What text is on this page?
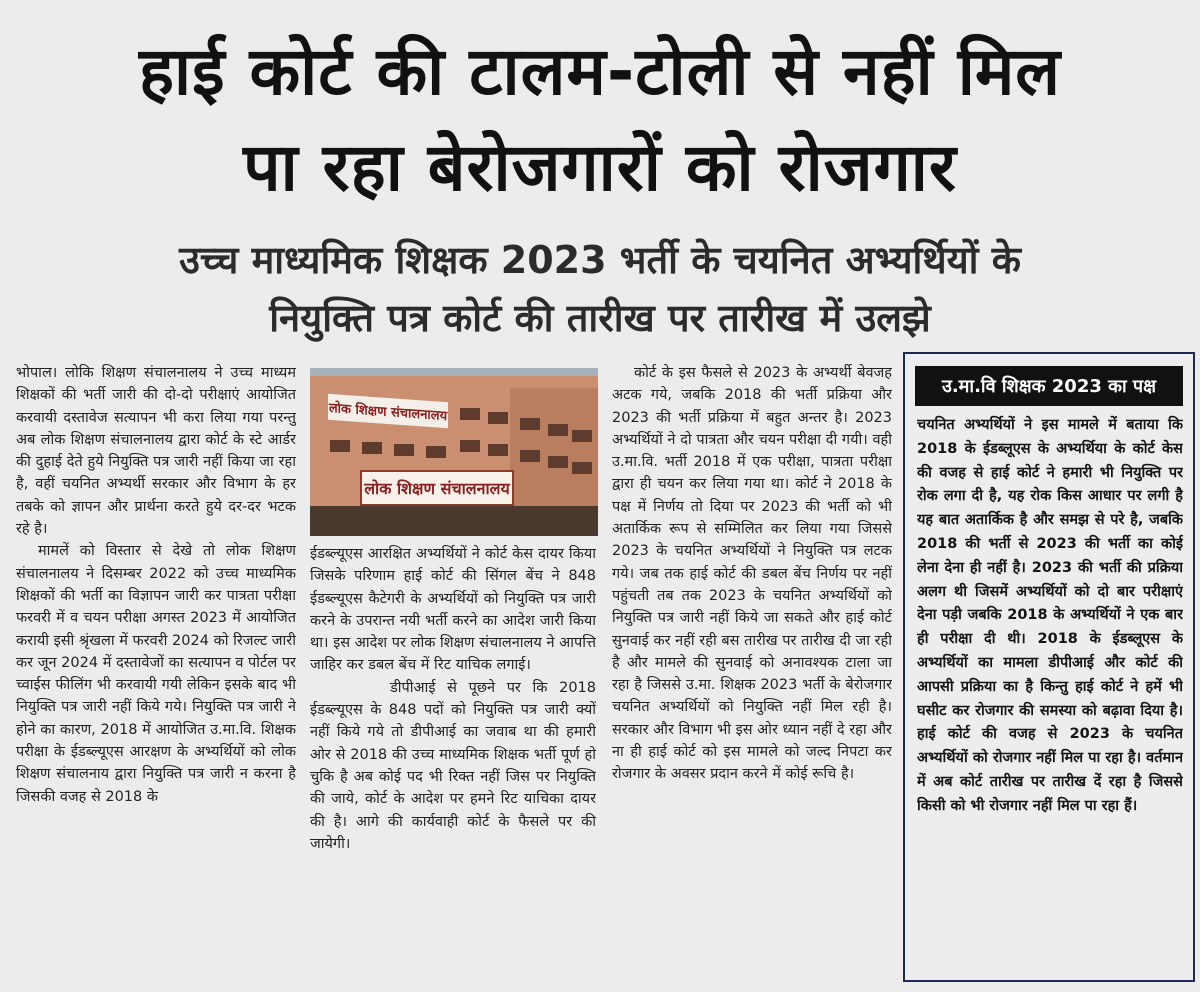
हाई कोर्ट की टालम-टोली से नहीं मिल
पा रहा बेरोजगारों को रोजगार
उच्च माध्यमिक शिक्षक 2023 भर्ती के चयनित अभ्यर्थियों के
नियुक्ति पत्र कोर्ट की तारीख पर तारीख में उलझे

भोपाल। लोकि शिक्षण संचालनालय ने उच्च माध्यम शिक्षकों की भर्ती जारी की दो-दो परीक्षाएं आयोजित करवायी दस्तावेज सत्यापन भी करा लिया गया परन्तु अब लोक शिक्षण संचालनालय द्वारा कोर्ट के स्टे आर्डर की दुहाई देते हुये नियुक्ति पत्र जारी नहीं किया जा रहा है, वहीं चयनित अभ्यर्थी सरकार और विभाग के हर तबके को ज्ञापन और प्रार्थना करते हुये दर-दर भटक रहे है।

मामलें को विस्तार से देखे तो लोक शिक्षण संचालनालय ने दिसम्बर 2022 को उच्च माध्यमिक शिक्षकों की भर्ती का विज्ञापन जारी कर पात्रता परीक्षा फरवरी में व चयन परीक्षा अगस्त 2023 में आयोजित करायी इसी श्रृंखला में फरवरी 2024 को रिजल्ट जारी कर जून 2024 में दस्तावेजों का सत्यापन व पोर्टल पर च्वाईस फीलिंग भी करवायी गयी लेकिन इसके बाद भी नियुक्ति पत्र जारी नहीं किये गये। नियुक्ति पत्र जारी ने होने का कारण, 2018 में आयोजित उ.मा.वि. शिक्षक परीक्षा के ईडब्ल्यूएस आरक्षण के अभ्यर्थियों को लोक शिक्षण संचालनाय द्वारा नियुक्ति पत्र जारी न करना है जिसकी वजह से 2018 के

लोक शिक्षण संचालनालय
लोक शिक्षण संचालनालय

ईडब्ल्यूएस आरक्षित अभ्यर्थियों ने कोर्ट केस दायर किया जिसके परिणाम हाई कोर्ट की सिंगल बेंच ने 848 ईडब्ल्यूएस कैटेगरी के अभ्यर्थियों को नियुक्ति पत्र जारी करने के उपरान्त नयी भर्ती करने का आदेश जारी किया था। इस आदेश पर लोक शिक्षण संचालनालय ने आपत्ति जाहिर कर डबल बेंच में रिट याचिक लगाई।

डीपीआई से पूछने पर कि 2018 ईडब्ल्यूएस के 848 पदों को नियुक्ति पत्र जारी क्यों नहीं किये गये तो डीपीआई का जवाब था की हमारी ओर से 2018 की उच्च माध्यमिक शिक्षक भर्ती पूर्ण हो चुकि है अब कोई पद भी रिक्त नहीं जिस पर नियुक्ति की जाये, कोर्ट के आदेश पर हमने रिट याचिका दायर की है। आगे की कार्यवाही कोर्ट के फैसले पर की जायेगी।

कोर्ट के इस फैसले से 2023 के अभ्यर्थी बेवजह अटक गये, जबकि 2018 की भर्ती प्रक्रिया और 2023 की भर्ती प्रक्रिया में बहुत अन्तर है। 2023 अभ्यर्थियों ने दो पात्रता और चयन परीक्षा दी गयी। वही उ.मा.वि. भर्ती 2018 में एक परीक्षा, पात्रता परीक्षा द्वारा ही चयन कर लिया गया था। कोर्ट ने 2018 के पक्ष में निर्णय तो दिया पर 2023 की भर्ती को भी अतार्किक रूप से सम्मिलित कर लिया गया जिससे 2023 के चयनित अभ्यर्थियों ने नियुक्ति पत्र लटक गये। जब तक हाई कोर्ट की डबल बेंच निर्णय पर नहीं पहुंचती तब तक 2023 के चयनित अभ्यर्थियों को नियुक्ति पत्र जारी नहीं किये जा सकते और हाई कोर्ट सुनवाई कर नहीं रही बस तारीख पर तारीख दी जा रही है और मामले की सुनवाई को अनावश्यक टाला जा रहा है जिससे उ.मा. शिक्षक 2023 भर्ती के बेरोजगार चयनित अभ्यर्थियों को नियुक्ति नहीं मिल रही है। सरकार और विभाग भी इस ओर ध्यान नहीं दे रहा और ना ही हाई कोर्ट को इस मामले को जल्द निपटा कर रोजगार के अवसर प्रदान करने में कोई रूचि है।

उ.मा.वि शिक्षक 2023 का पक्ष

चयनित अभ्यर्थियों ने इस मामले में बताया कि 2018 के ईडब्लूएस के अभ्यर्थिया के कोर्ट केस की वजह से हाई कोर्ट ने हमारी भी नियुक्ति पर रोक लगा दी है, यह रोक किस आधार पर लगी है यह बात अतार्किक है और समझ से परे है, जबकि 2018 की भर्ती से 2023 की भर्ती का कोई लेना देना ही नहीं है। 2023 की भर्ती की प्रक्रिया अलग थी जिसमें अभ्यर्थियों को दो बार परीक्षाएं देना पड़ी जबकि 2018 के अभ्यर्थियों ने एक बार ही परीक्षा दी थी। 2018 के ईडब्लूएस के अभ्यर्थियों का मामला डीपीआई और कोर्ट की आपसी प्रक्रिया का है किन्तु हाई कोर्ट ने हमें भी घसीट कर रोजगार की समस्या को बढ़ावा दिया है। हाई कोर्ट की वजह से 2023 के चयनित अभ्यर्थियों को रोजगार नहीं मिल पा रहा है। वर्तमान में अब कोर्ट तारीख पर तारीख दें रहा है जिससे किसी को भी रोजगार नहीं मिल पा रहा हैं।
